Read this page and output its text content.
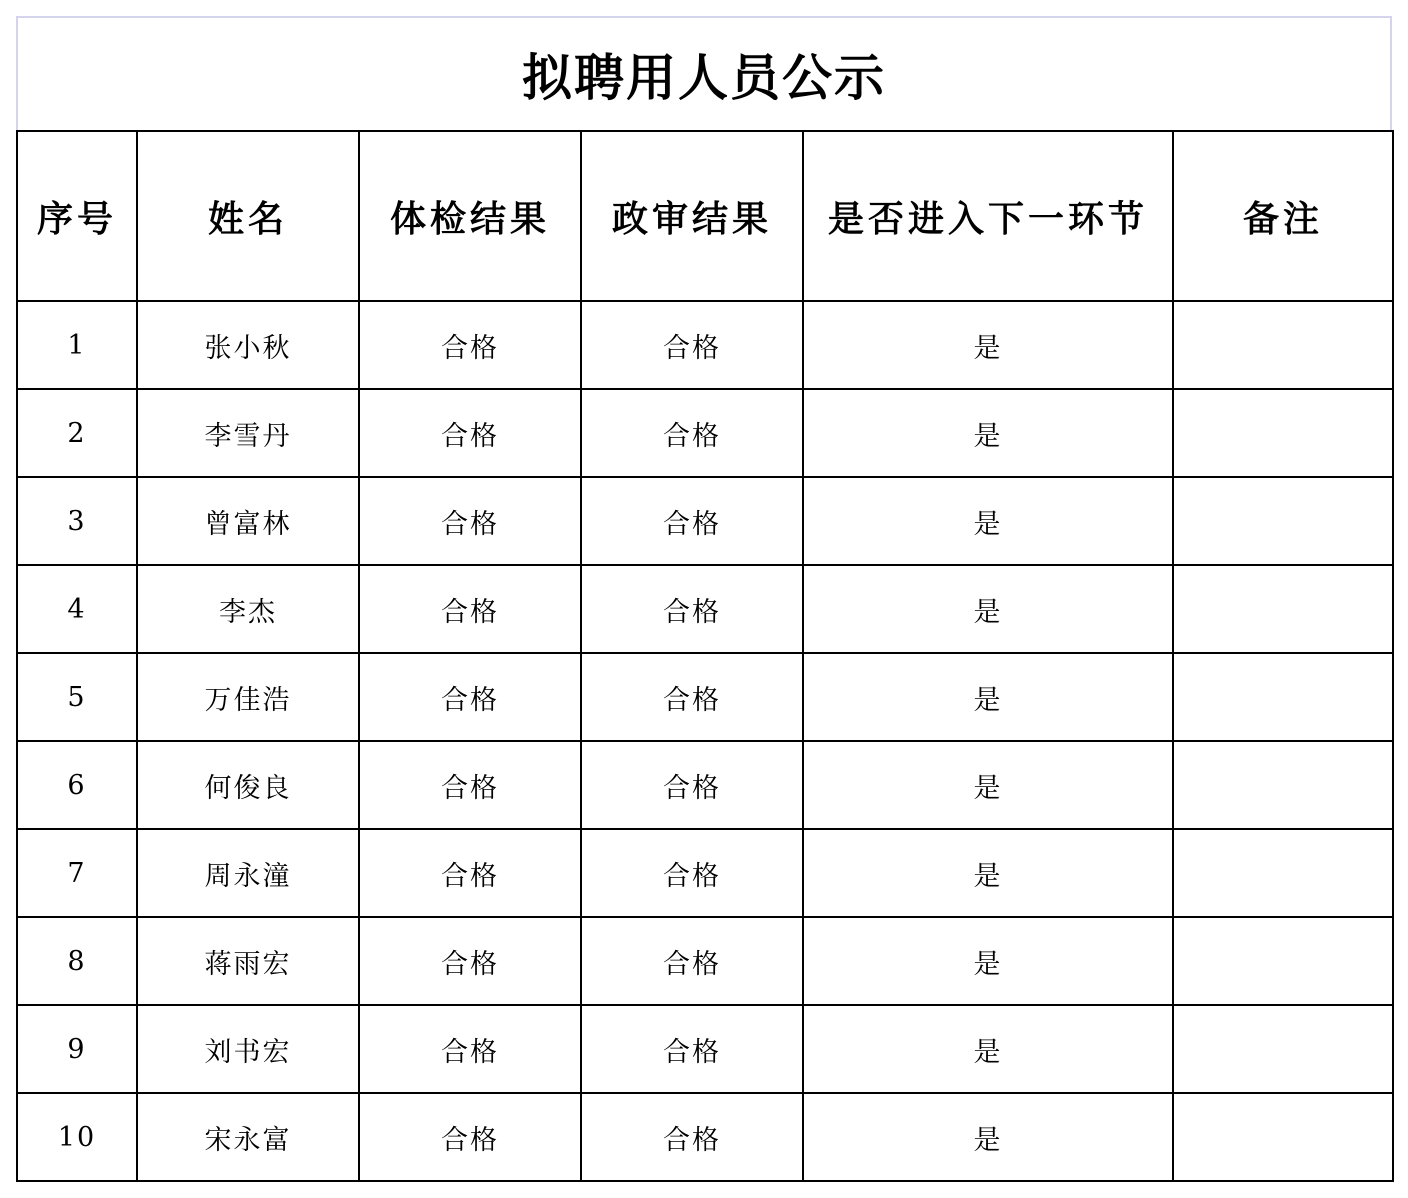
拟聘用人员公示
序号	姓名	体检结果	政审结果	是否进入下一环节	备注
1	张小秋	合格	合格	是	
2	李雪丹	合格	合格	是	
3	曾富林	合格	合格	是	
4	李杰	合格	合格	是	
5	万佳浩	合格	合格	是	
6	何俊良	合格	合格	是	
7	周永潼	合格	合格	是	
8	蒋雨宏	合格	合格	是	
9	刘书宏	合格	合格	是	
10	宋永富	合格	合格	是	
